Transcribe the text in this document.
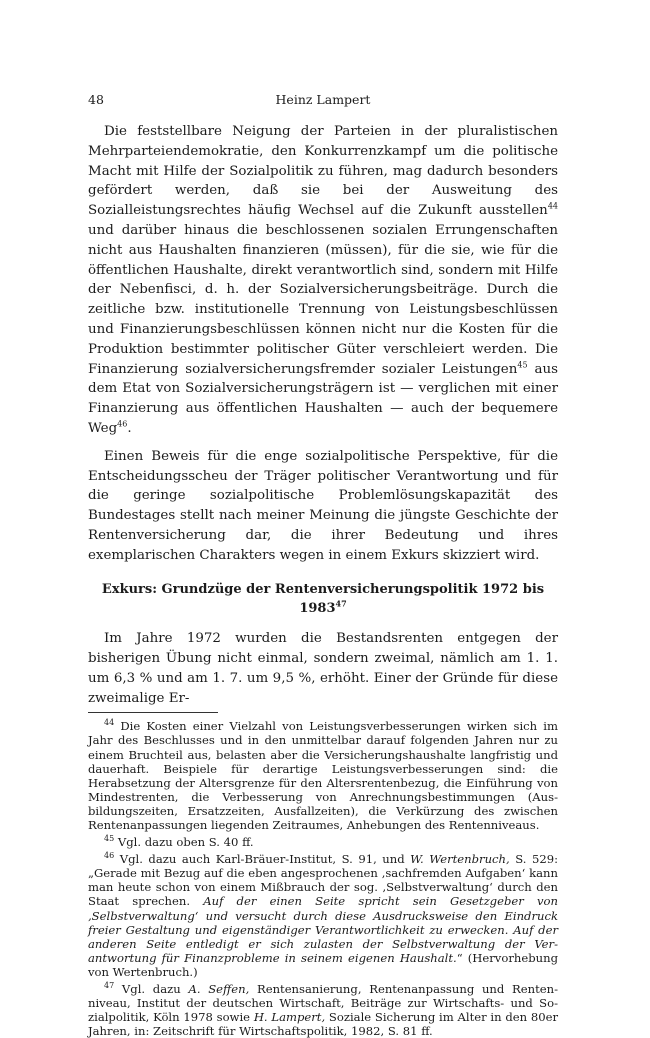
48	Heinz Lampert

Die feststellbare Neigung der Parteien in der pluralistischen Mehrparteiendemokratie, den Konkurrenzkampf um die politische Macht mit Hilfe der Sozialpolitik zu führen, mag dadurch besonders gefördert werden, daß sie bei der Ausweitung des Sozialleistungsrechtes häufig Wechsel auf die Zukunft ausstellen$^{44}$ und darüber hinaus die beschlossenen sozialen Errungenschaften nicht aus Haushalten finanzieren (müssen), für die sie, wie für die öffentlichen Haushalte, direkt verantwortlich sind, sondern mit Hilfe der Nebenfisci, d. h. der Sozialversicherungsbeiträge. Durch die zeitliche bzw. institutionelle Trennung von Leistungsbeschlüssen und Finanzierungsbeschlüssen können nicht nur die Kosten für die Produktion bestimmter politischer Güter verschleiert werden. Die Finanzierung sozialversicherungsfremder sozialer Leistungen$^{45}$ aus dem Etat von Sozialversicherungsträgern ist — verglichen mit einer Finanzierung aus öffentlichen Haushalten — auch der bequemere Weg$^{46}$.

Einen Beweis für die enge sozialpolitische Perspektive, für die Entscheidungsscheu der Träger politischer Verantwortung und für die geringe sozialpolitische Problemlösungskapazität des Bundestages stellt nach meiner Meinung die jüngste Geschichte der Rentenversicherung dar, die ihrer Bedeutung und ihres exemplarischen Charakters wegen in einem Exkurs skizziert wird.

Exkurs: Grundzüge der Rentenversicherungspolitik 1972 bis 1983$^{47}$

Im Jahre 1972 wurden die Bestandsrenten entgegen der bisherigen Übung nicht einmal, sondern zweimal, nämlich am 1. 1. um 6,3 % und am 1. 7. um 9,5 %, erhöht. Einer der Gründe für diese zweimalige Er-

$^{44}$ Die Kosten einer Vielzahl von Leistungsverbesserungen wirken sich im Jahr des Beschlusses und in den unmittelbar darauf folgenden Jahren nur zu einem Bruchteil aus, belasten aber die Versicherungshaushalte langfristig und dauerhaft. Beispiele für derartige Leistungsverbesserungen sind: die Herabsetzung der Altersgrenze für den Altersrentenbezug, die Einführung von Mindestrenten, die Verbesserung von Anrechnungsbestimmungen (Ausbildungszeiten, Ersatzzeiten, Ausfallzeiten), die Verkürzung des zwischen Rentenanpassungen liegenden Zeitraumes, Anhebungen des Rentenniveaus.

$^{45}$ Vgl. dazu oben S. 40 ff.

$^{46}$ Vgl. dazu auch Karl-Bräuer-Institut, S. 91, und W. Wertenbruch, S. 529: „Gerade mit Bezug auf die eben angesprochenen ‚sachfremden Aufgaben‘ kann man heute schon von einem Mißbrauch der sog. ‚Selbstverwaltung‘ durch den Staat sprechen. Auf der einen Seite spricht sein Gesetzgeber von ‚Selbstverwaltung‘ und versucht durch diese Ausdrucksweise den Eindruck freier Gestaltung und eigenständiger Verantwortlichkeit zu erwecken. Auf der anderen Seite entledigt er sich zulasten der Selbstverwaltung der Verantwortung für Finanzprobleme in seinem eigenen Haushalt.“ (Hervorhebung von Wertenbruch.)

$^{47}$ Vgl. dazu A. Seffen, Rentensanierung, Rentenanpassung und Rentenniveau, Institut der deutschen Wirtschaft, Beiträge zur Wirtschafts- und Sozialpolitik, Köln 1978 sowie H. Lampert, Soziale Sicherung im Alter in den 80er Jahren, in: Zeitschrift für Wirtschaftspolitik, 1982, S. 81 ff.
